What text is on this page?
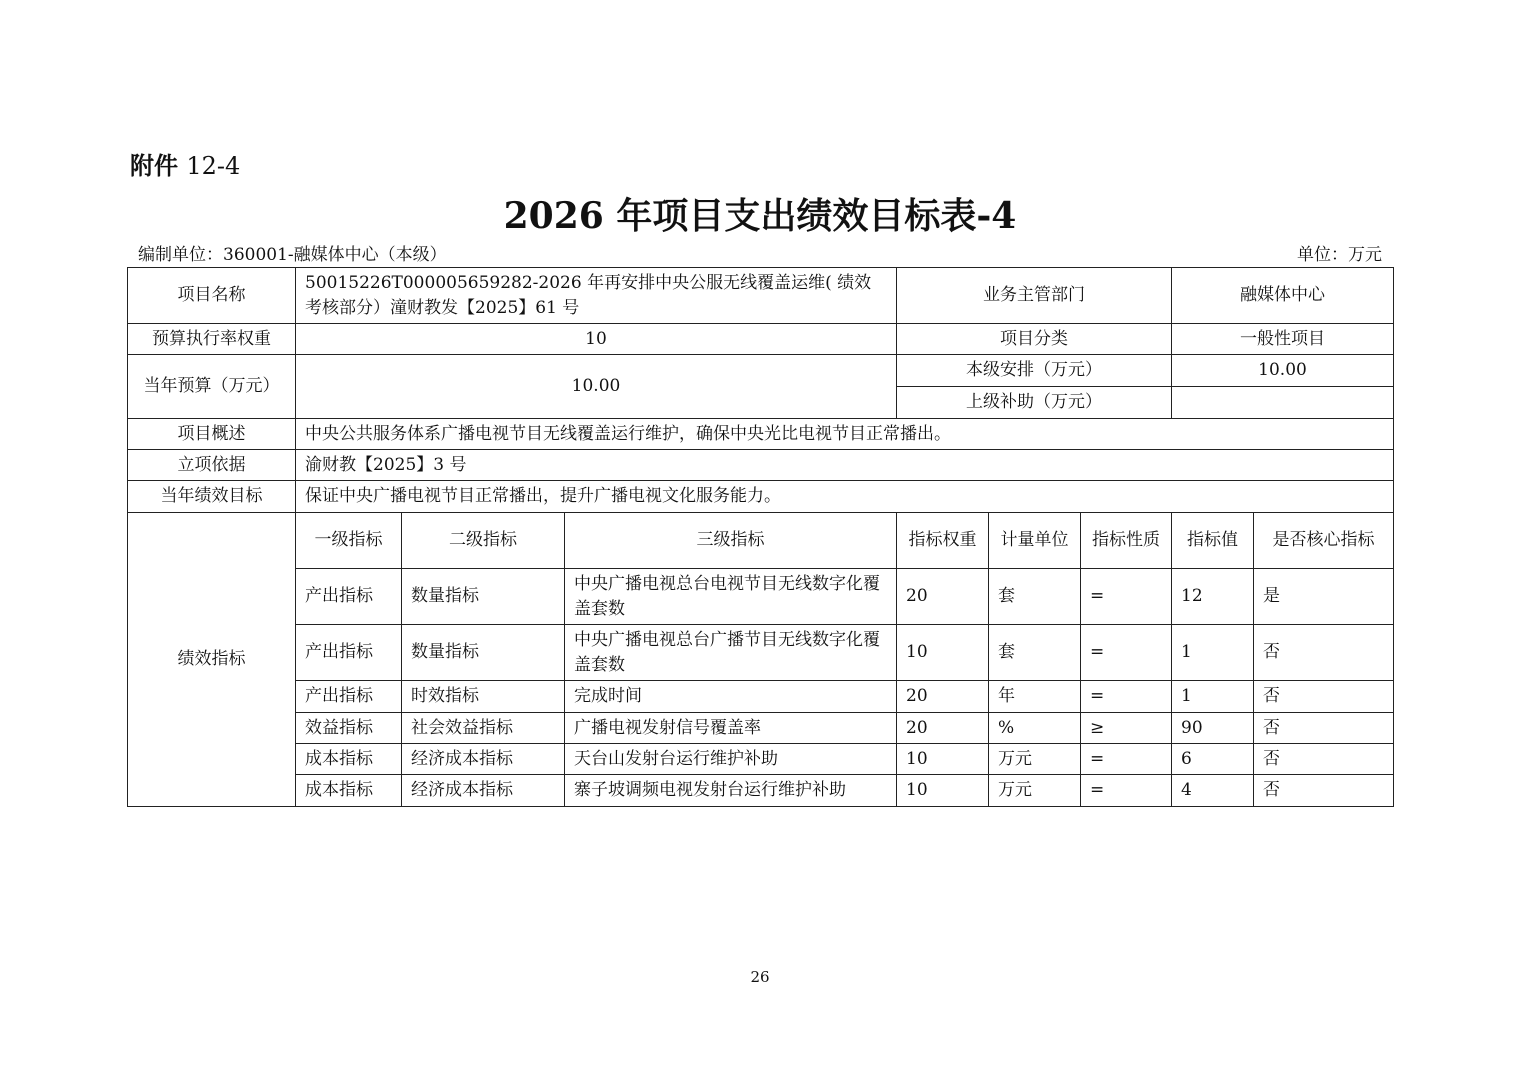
附件 12-4
2026 年项目支出绩效目标表-4
编制单位：360001-融媒体中心（本级）	单位：万元
项目名称	50015226T000005659282-2026 年再安排中央公服无线覆盖运维( 绩效考核部分）潼财教发【2025】61 号			业务主管部门			融媒体中心	
预算执行率权重	10			项目分类			一般性项目	
当年预算（万元）	10.00			本级安排（万元）			10.00	
				上级补助（万元）				
项目概述	中央公共服务体系广播电视节目无线覆盖运行维护，确保中央光比电视节目正常播出。							
立项依据	渝财教【2025】3 号							
当年绩效目标	保证中央广播电视节目正常播出，提升广播电视文化服务能力。							
绩效指标	一级指标	二级指标	三级指标	指标权重	计量单位	指标性质	指标值	是否核心指标
	产出指标	数量指标	中央广播电视总台电视节目无线数字化覆盖套数	20	套	=	12	是
	产出指标	数量指标	中央广播电视总台广播节目无线数字化覆盖套数	10	套	=	1	否
	产出指标	时效指标	完成时间	20	年	=	1	否
	效益指标	社会效益指标	广播电视发射信号覆盖率	20	%	≥	90	否
	成本指标	经济成本指标	天台山发射台运行维护补助	10	万元	=	6	否
	成本指标	经济成本指标	寨子坡调频电视发射台运行维护补助	10	万元	=	4	否
26
